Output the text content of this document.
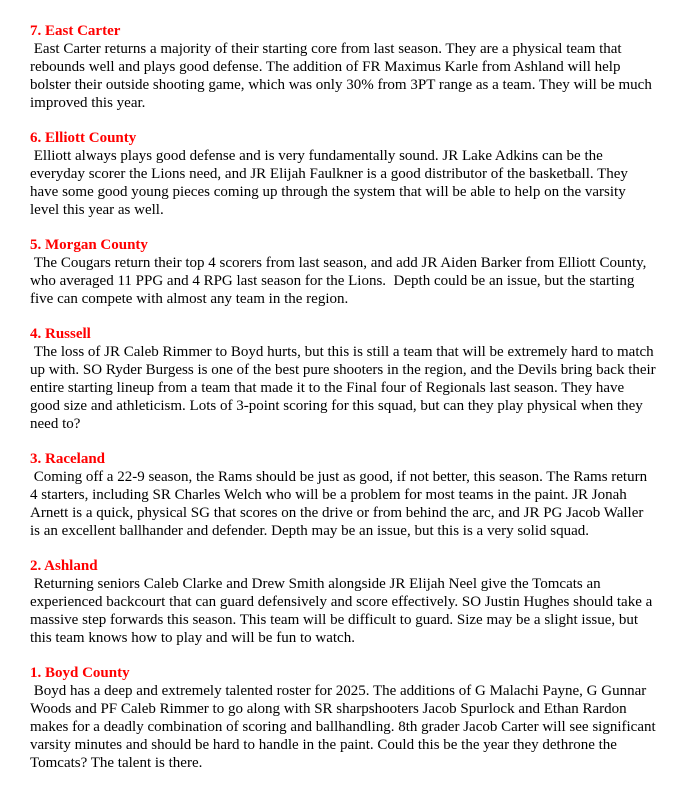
7. East Carter
East Carter returns a majority of their starting core from last season. They are a physical team that rebounds well and plays good defense. The addition of FR Maximus Karle from Ashland will help bolster their outside shooting game, which was only 30% from 3PT range as a team. They will be much improved this year.
6. Elliott County
Elliott always plays good defense and is very fundamentally sound. JR Lake Adkins can be the everyday scorer the Lions need, and JR Elijah Faulkner is a good distributor of the basketball. They have some good young pieces coming up through the system that will be able to help on the varsity level this year as well.
5. Morgan County
The Cougars return their top 4 scorers from last season, and add JR Aiden Barker from Elliott County, who averaged 11 PPG and 4 RPG last season for the Lions.  Depth could be an issue, but the starting five can compete with almost any team in the region.
4. Russell
The loss of JR Caleb Rimmer to Boyd hurts, but this is still a team that will be extremely hard to match up with. SO Ryder Burgess is one of the best pure shooters in the region, and the Devils bring back their entire starting lineup from a team that made it to the Final four of Regionals last season. They have good size and athleticism. Lots of 3-point scoring for this squad, but can they play physical when they need to?
3. Raceland
Coming off a 22-9 season, the Rams should be just as good, if not better, this season. The Rams return 4 starters, including SR Charles Welch who will be a problem for most teams in the paint. JR Jonah Arnett is a quick, physical SG that scores on the drive or from behind the arc, and JR PG Jacob Waller is an excellent ballhander and defender. Depth may be an issue, but this is a very solid squad.
2. Ashland
Returning seniors Caleb Clarke and Drew Smith alongside JR Elijah Neel give the Tomcats an experienced backcourt that can guard defensively and score effectively. SO Justin Hughes should take a massive step forwards this season. This team will be difficult to guard. Size may be a slight issue, but this team knows how to play and will be fun to watch.
1. Boyd County
Boyd has a deep and extremely talented roster for 2025. The additions of G Malachi Payne, G Gunnar Woods and PF Caleb Rimmer to go along with SR sharpshooters Jacob Spurlock and Ethan Rardon makes for a deadly combination of scoring and ballhandling. 8th grader Jacob Carter will see significant varsity minutes and should be hard to handle in the paint. Could this be the year they dethrone the Tomcats? The talent is there.
